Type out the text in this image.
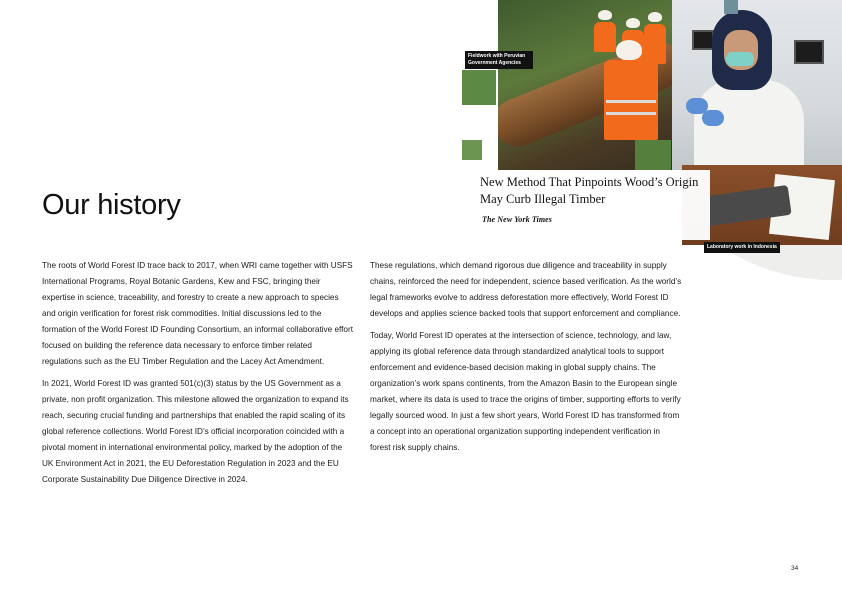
New Method That Pinpoints Wood’s Origin May Curb Illegal Timber
The New York Times
Fieldwork with Peruvian Government Agencies
Laboratory work in Indonesia
Our history

The roots of World Forest ID trace back to 2017, when WRI came together with USFS International Programs, Royal Botanic Gardens, Kew and FSC, bringing their expertise in science, traceability, and forestry to create a new approach to species and origin verification for forest risk commodities. Initial discussions led to the formation of the World Forest ID Founding Consortium, an informal collaborative effort focused on building the reference data necessary to enforce timber related regulations such as the EU Timber Regulation and the Lacey Act Amendment.

In 2021, World Forest ID was granted 501(c)(3) status by the US Government as a private, non profit organization. This milestone allowed the organization to expand its reach, securing crucial funding and partnerships that enabled the rapid scaling of its global reference collections. World Forest ID’s official incorporation coincided with a pivotal moment in international environmental policy, marked by the adoption of the UK Environment Act in 2021, the EU Deforestation Regulation in 2023 and the EU Corporate Sustainability Due Diligence Directive in 2024.

These regulations, which demand rigorous due diligence and traceability in supply chains, reinforced the need for independent, science based verification. As the world’s legal frameworks evolve to address deforestation more effectively, World Forest ID develops and applies science backed tools that support enforcement and compliance.

Today, World Forest ID operates at the intersection of science, technology, and law, applying its global reference data through standardized analytical tools to support enforcement and evidence-based decision making in global supply chains. The organization’s work spans continents, from the Amazon Basin to the European single market, where its data is used to trace the origins of timber, supporting efforts to verify legally sourced wood. In just a few short years, World Forest ID has transformed from a concept into an operational organization supporting independent verification in forest risk supply chains.

34
